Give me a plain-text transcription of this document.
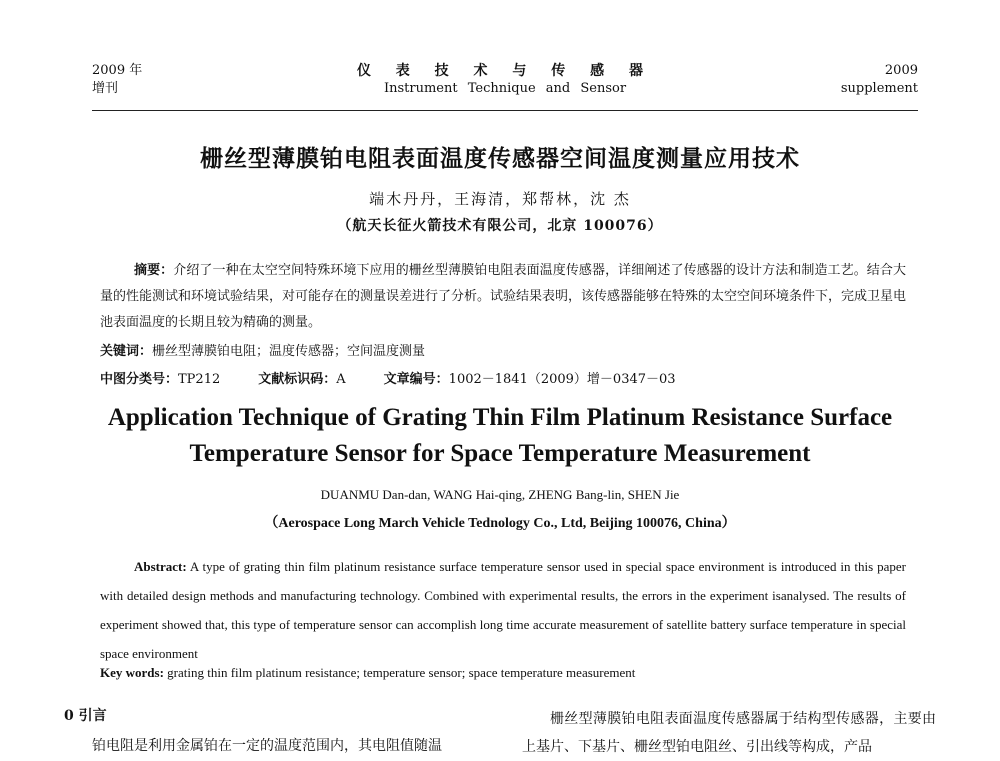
2009 年
增刊
仪 表 技 术 与 传 感 器
Instrument Technique and Sensor
2009
supplement
栅丝型薄膜铂电阻表面温度传感器空间温度测量应用技术
端木丹丹，王海清，郑帮林，沈 杰
（航天长征火箭技术有限公司，北京 100076）
摘要：介绍了一种在太空空间特殊环境下应用的栅丝型薄膜铂电阻表面温度传感器，详细阐述了传感器的设计方法和制造工艺。结合大量的性能测试和环境试验结果，对可能存在的测量误差进行了分析。试验结果表明，该传感器能够在特殊的太空空间环境条件下，完成卫星电池表面温度的长期且较为精确的测量。
关键词：栅丝型薄膜铂电阻；温度传感器；空间温度测量
中图分类号：TP212	文献标识码：A	文章编号：1002－1841（2009）增－0347－03
Application Technique of Grating Thin Film Platinum Resistance Surface
Temperature Sensor for Space Temperature Measurement
DUANMU Dan-dan, WANG Hai-qing, ZHENG Bang-lin, SHEN Jie
（Aerospace Long March Vehicle Tednology Co., Ltd, Beijing 100076, China）
Abstract: A type of grating thin film platinum resistance surface temperature sensor used in special space environment is introduced in this paper with detailed design methods and manufacturing technology. Combined with experimental results, the errors in the experiment isanalysed. The results of experiment showed that, this type of temperature sensor can accomplish long time accurate measurement of satellite battery surface temperature in special space environment
Key words: grating thin film platinum resistance; temperature sensor; space temperature measurement
0 引言
铂电阻是利用金属铂在一定的温度范围内，其电阻值随温
栅丝型薄膜铂电阻表面温度传感器属于结构型传感器，主要由上基片、下基片、栅丝型铂电阻丝、引出线等构成，产品
